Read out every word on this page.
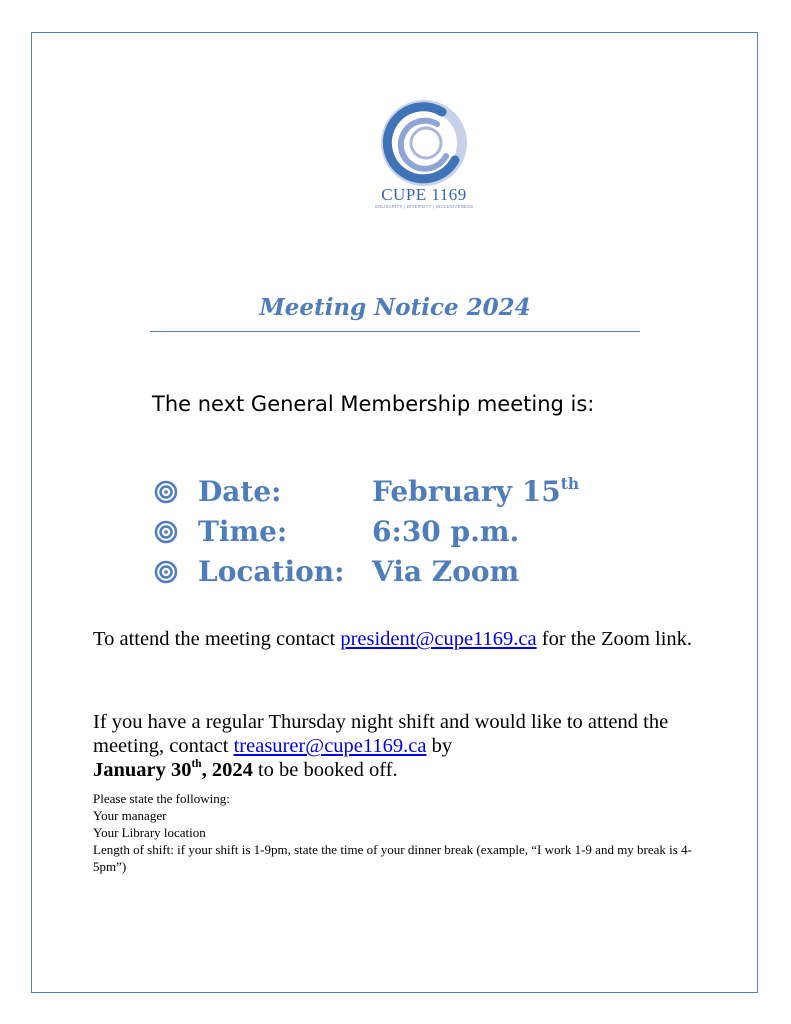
CUPE 1169
SOLIDARITY | DIVERSITY | INCLUSIVENESS
Meeting Notice 2024
The next General Membership meeting is:
Date:	February 15th
Time:	6:30 p.m.
Location: Via Zoom
To attend the meeting contact president@cupe1169.ca for the Zoom link.
If you have a regular Thursday night shift and would like to attend the meeting, contact treasurer@cupe1169.ca by
January 30th, 2024 to be booked off.
Please state the following:
Your manager
Your Library location
Length of shift: if your shift is 1-9pm, state the time of your dinner break (example, “I work 1-9 and my break is 4-5pm”)
